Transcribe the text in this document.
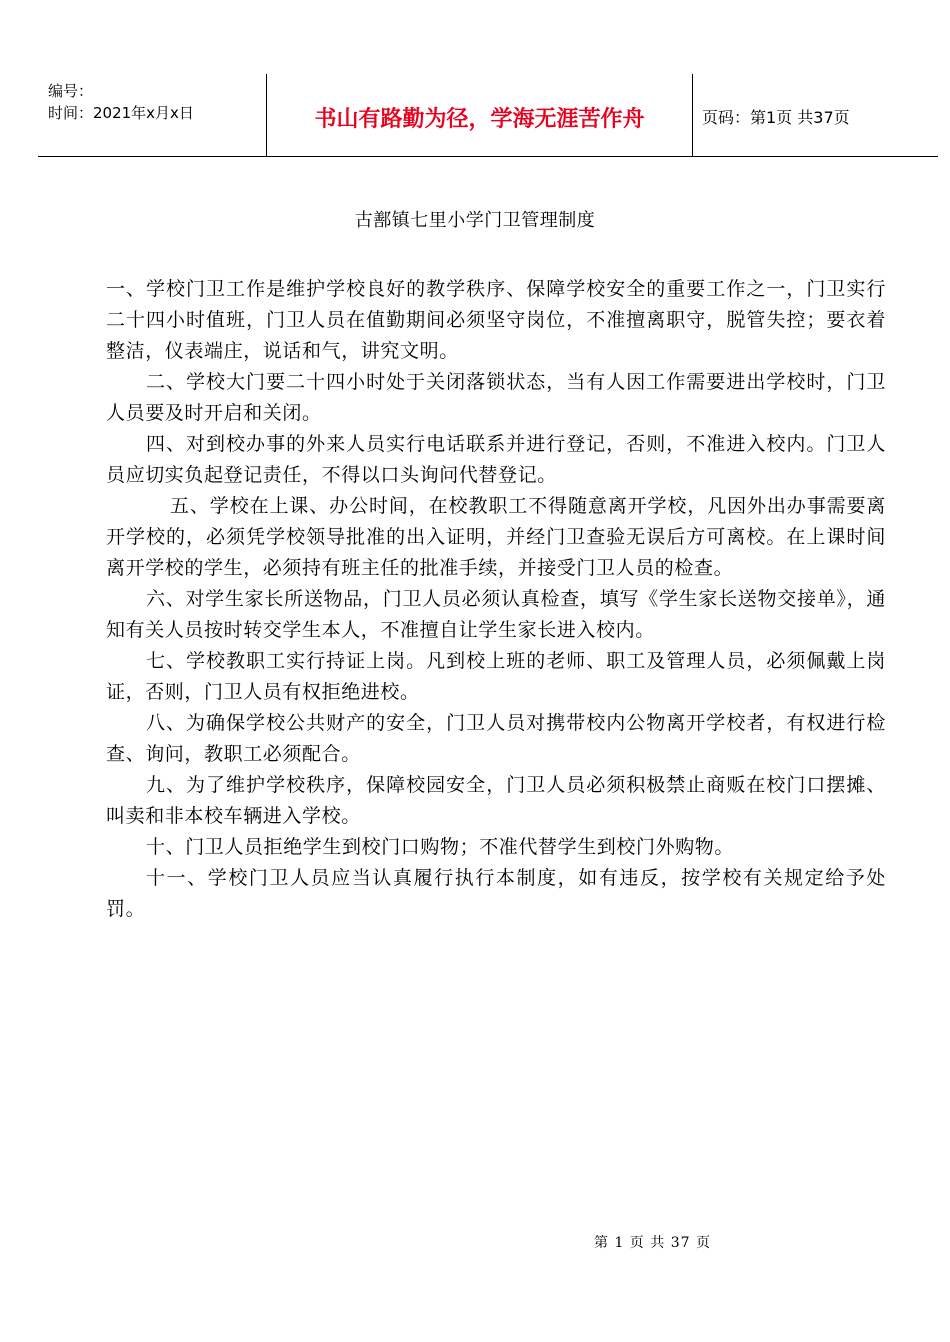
编号：
时间：2021年x月x日	书山有路勤为径，学海无涯苦作舟	页码：第1页 共37页
古鄯镇七里小学门卫管理制度

一、学校门卫工作是维护学校良好的教学秩序、保障学校安全的重要工作之一，门卫实行二十四小时值班，门卫人员在值勤期间必须坚守岗位，不准擅离职守，脱管失控；要衣着整洁，仪表端庄，说话和气，讲究文明。

二、学校大门要二十四小时处于关闭落锁状态，当有人因工作需要进出学校时，门卫人员要及时开启和关闭。

四、对到校办事的外来人员实行电话联系并进行登记，否则，不准进入校内。门卫人员应切实负起登记责任，不得以口头询问代替登记。

五、学校在上课、办公时间，在校教职工不得随意离开学校，凡因外出办事需要离开学校的，必须凭学校领导批准的出入证明，并经门卫查验无误后方可离校。在上课时间离开学校的学生，必须持有班主任的批准手续，并接受门卫人员的检查。

六、对学生家长所送物品，门卫人员必须认真检查，填写《学生家长送物交接单》，通知有关人员按时转交学生本人，不准擅自让学生家长进入校内。

七、学校教职工实行持证上岗。凡到校上班的老师、职工及管理人员，必须佩戴上岗证，否则，门卫人员有权拒绝进校。

八、为确保学校公共财产的安全，门卫人员对携带校内公物离开学校者，有权进行检查、询问，教职工必须配合。

九、为了维护学校秩序，保障校园安全，门卫人员必须积极禁止商贩在校门口摆摊、叫卖和非本校车辆进入学校。

十、门卫人员拒绝学生到校门口购物；不准代替学生到校门外购物。

十一、学校门卫人员应当认真履行执行本制度，如有违反，按学校有关规定给予处罚。

第 1 页 共 37 页
